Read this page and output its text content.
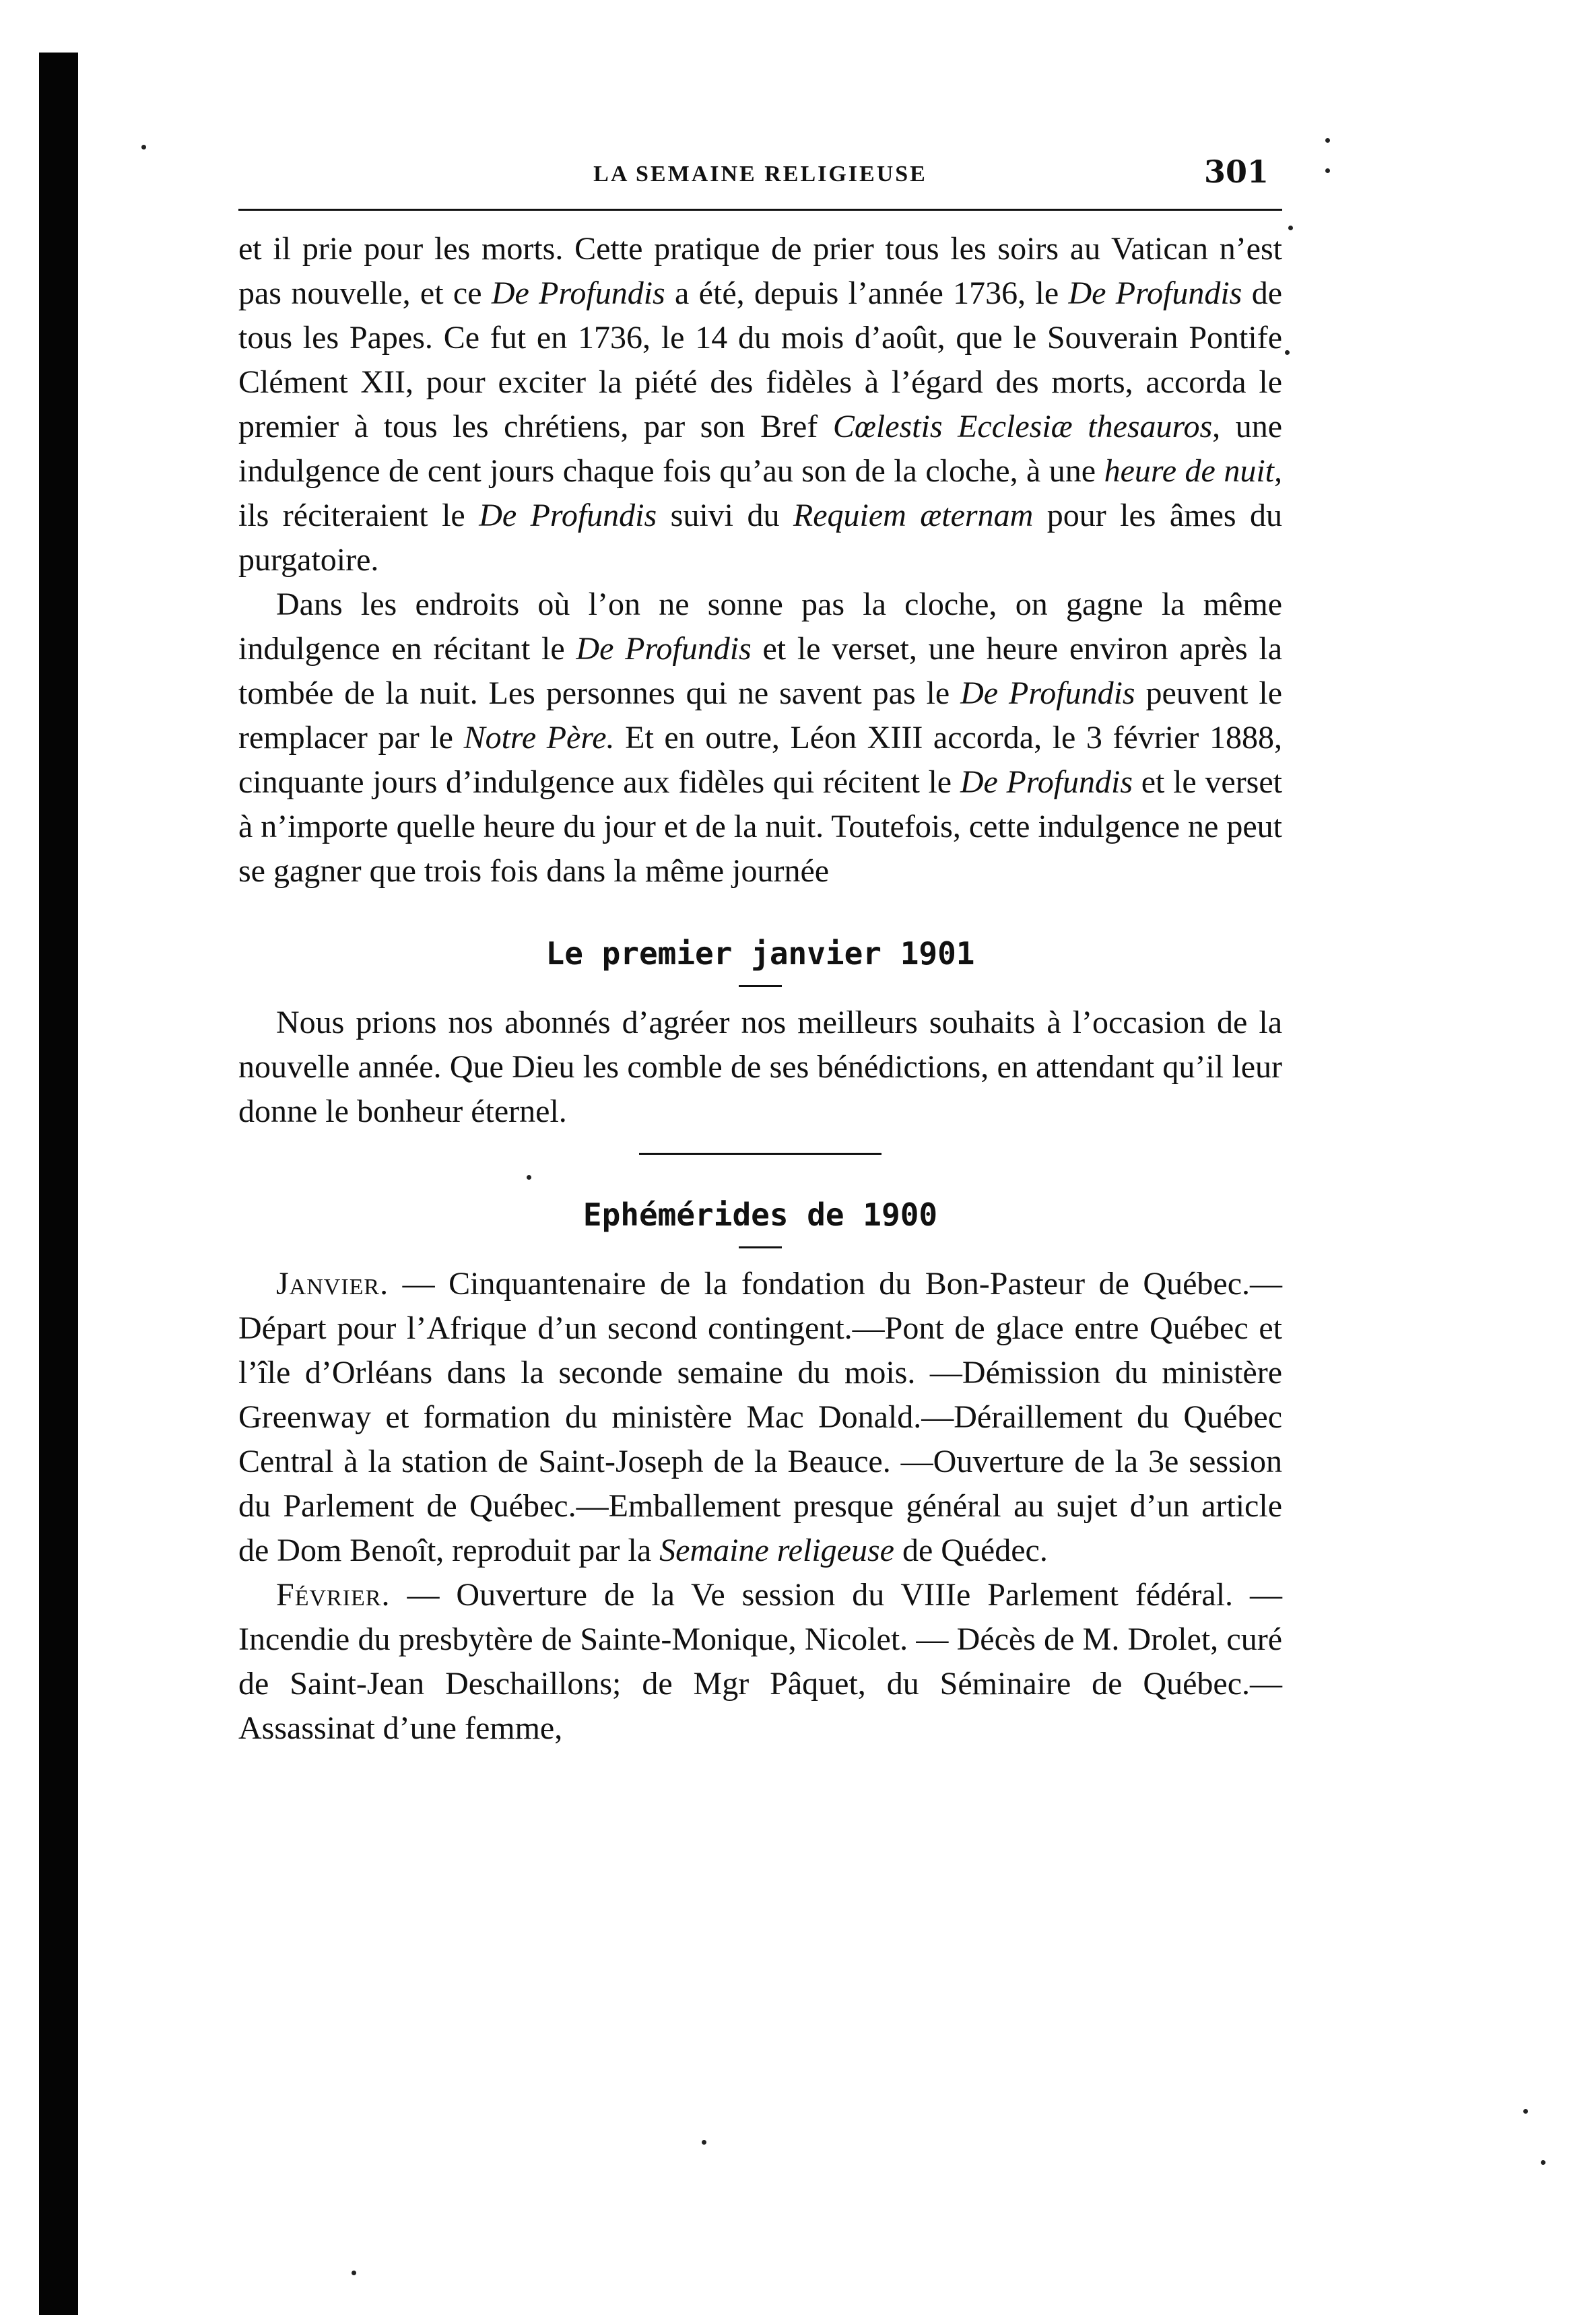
LA SEMAINE RELIGIEUSE	301

et il prie pour les morts. Cette pratique de prier tous les soirs au Vatican n’est pas nouvelle, et ce De Profundis a été, depuis l’année 1736, le De Profundis de tous les Papes. Ce fut en 1736, le 14 du mois d’août, que le Souverain Pontife Clément XII, pour exciter la piété des fidèles à l’égard des morts, accorda le premier à tous les chrétiens, par son Bref Cœlestis Ecclesiæ thesauros, une indulgence de cent jours chaque fois qu’au son de la cloche, à une heure de nuit, ils réciteraient le De Profundis suivi du Requiem æternam pour les âmes du purgatoire.

Dans les endroits où l’on ne sonne pas la cloche, on gagne la même indulgence en récitant le De Profundis et le verset, une heure environ après la tombée de la nuit. Les personnes qui ne savent pas le De Profundis peuvent le remplacer par le Notre Père. Et en outre, Léon XIII accorda, le 3 février 1888, cinquante jours d’indulgence aux fidèles qui récitent le De Profundis et le verset à n’importe quelle heure du jour et de la nuit. Toutefois, cette indulgence ne peut se gagner que trois fois dans la même journée

Le premier janvier 1901

Nous prions nos abonnés d’agréer nos meilleurs souhaits à l’occasion de la nouvelle année. Que Dieu les comble de ses bénédictions, en attendant qu’il leur donne le bonheur éternel.

Ephémérides de 1900

Janvier. — Cinquantenaire de la fondation du Bon-Pasteur de Québec.—Départ pour l’Afrique d’un second contingent.—Pont de glace entre Québec et l’île d’Orléans dans la seconde semaine du mois. —Démission du ministère Greenway et formation du ministère Mac Donald.—Déraillement du Québec Central à la station de Saint-Joseph de la Beauce. —Ouverture de la 3e session du Parlement de Québec.—Emballement presque général au sujet d’un article de Dom Benoît, reproduit par la Semaine religeuse de Quédec.

Février. — Ouverture de la Ve session du VIIIe Parlement fédéral. — Incendie du presbytère de Sainte-Monique, Nicolet. — Décès de M. Drolet, curé de Saint-Jean Deschaillons; de Mgr Pâquet, du Séminaire de Québec.—Assassinat d’une femme,
